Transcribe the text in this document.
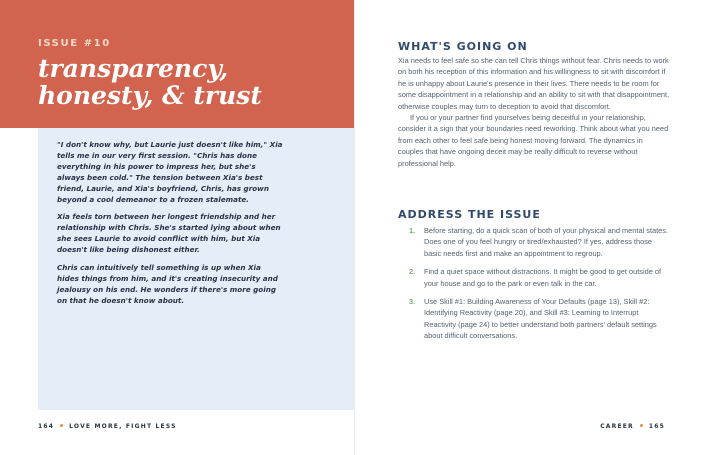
ISSUE #10
transparency,
honesty, & trust

"I don't know why, but Laurie just doesn't like him," Xia tells me in our very first session. "Chris has done everything in his power to impress her, but she's always been cold." The tension between Xia's best friend, Laurie, and Xia's boyfriend, Chris, has grown beyond a cool demeanor to a frozen stalemate.

Xia feels torn between her longest friendship and her relationship with Chris. She's started lying about when she sees Laurie to avoid conflict with him, but Xia doesn't like being dishonest either.

Chris can intuitively tell something is up when Xia hides things from him, and it's creating insecurity and jealousy on his end. He wonders if there's more going on that he doesn't know about.

164	LOVE MORE, FIGHT LESS
WHAT'S GOING ON

Xia needs to feel safe so she can tell Chris things without fear. Chris needs to work on both his reception of this information and his willingness to sit with discomfort if he is unhappy about Laurie's presence in their lives. There needs to be room for some disappointment in a relationship and an ability to sit with that disappointment, otherwise couples may turn to deception to avoid that discomfort.

If you or your partner find yourselves being deceitful in your relationship, consider it a sign that your boundaries need reworking. Think about what you need from each other to feel safe being honest moving forward. The dynamics in couples that have ongoing deceit may be really difficult to reverse without professional help.

ADDRESS THE ISSUE
1. Before starting, do a quick scan of both of your physical and mental states. Does one of you feel hungry or tired/exhausted? If yes, address those basic needs first and make an appointment to regroup.
2. Find a quiet space without distractions. It might be good to get outside of your house and go to the park or even talk in the car.
3. Use Skill #1: Building Awareness of Your Defaults (page 13), Skill #2: Identifying Reactivity (page 20), and Skill #3: Learning to Interrupt Reactivity (page 24) to better understand both partners' default settings about difficult conversations.
CAREER	165
